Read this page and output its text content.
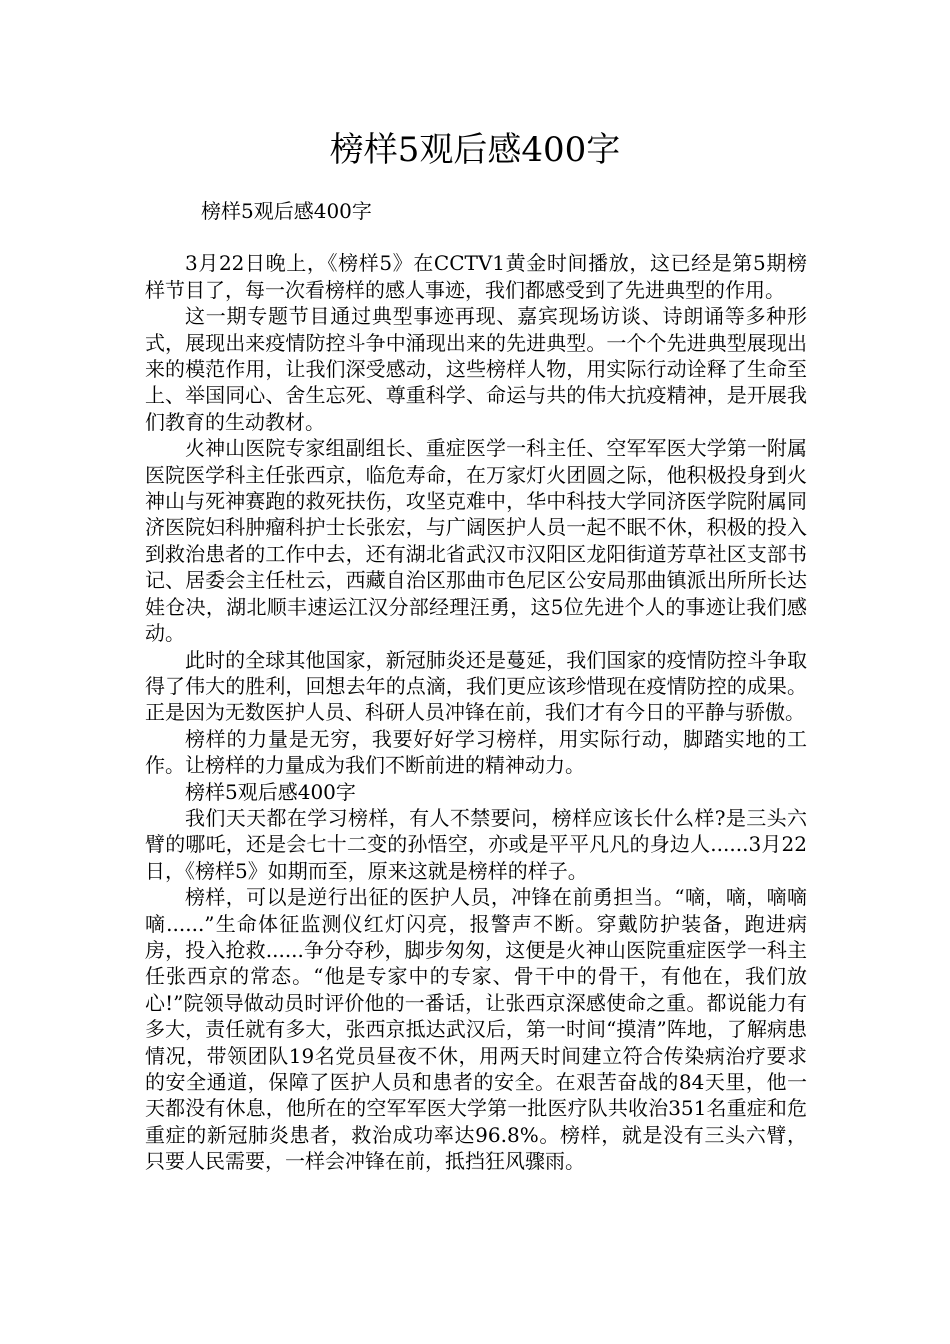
榜样5观后感400字

榜样5观后感400字

3月22日晚上，《榜样5》在CCTV1黄金时间播放，这已经是第5期榜样节目了，每一次看榜样的感人事迹，我们都感受到了先进典型的作用。

这一期专题节目通过典型事迹再现、嘉宾现场访谈、诗朗诵等多种形式，展现出来疫情防控斗争中涌现出来的先进典型。一个个先进典型展现出来的模范作用，让我们深受感动，这些榜样人物，用实际行动诠释了生命至上、举国同心、舍生忘死、尊重科学、命运与共的伟大抗疫精神，是开展我们教育的生动教材。

火神山医院专家组副组长、重症医学一科主任、空军军医大学第一附属医院医学科主任张西京，临危寿命，在万家灯火团圆之际，他积极投身到火神山与死神赛跑的救死扶伤，攻坚克难中，华中科技大学同济医学院附属同济医院妇科肿瘤科护士长张宏，与广阔医护人员一起不眠不休，积极的投入到救治患者的工作中去，还有湖北省武汉市汉阳区龙阳街道芳草社区支部书记、居委会主任杜云，西藏自治区那曲市色尼区公安局那曲镇派出所所长达娃仓决，湖北顺丰速运江汉分部经理汪勇，这5位先进个人的事迹让我们感动。

此时的全球其他国家，新冠肺炎还是蔓延，我们国家的疫情防控斗争取得了伟大的胜利，回想去年的点滴，我们更应该珍惜现在疫情防控的成果。正是因为无数医护人员、科研人员冲锋在前，我们才有今日的平静与骄傲。

榜样的力量是无穷，我要好好学习榜样，用实际行动，脚踏实地的工作。让榜样的力量成为我们不断前进的精神动力。

榜样5观后感400字

我们天天都在学习榜样，有人不禁要问，榜样应该长什么样?是三头六臂的哪吒，还是会七十二变的孙悟空，亦或是平平凡凡的身边人......3月22日，《榜样5》如期而至，原来这就是榜样的样子。

榜样，可以是逆行出征的医护人员，冲锋在前勇担当。“嘀，嘀，嘀嘀嘀......”生命体征监测仪红灯闪亮，报警声不断。穿戴防护装备，跑进病房，投入抢救......争分夺秒，脚步匆匆，这便是火神山医院重症医学一科主任张西京的常态。“他是专家中的专家、骨干中的骨干，有他在，我们放心!”院领导做动员时评价他的一番话，让张西京深感使命之重。都说能力有多大，责任就有多大，张西京抵达武汉后，第一时间“摸清”阵地，了解病患情况，带领团队19名党员昼夜不休，用两天时间建立符合传染病治疗要求的安全通道，保障了医护人员和患者的安全。在艰苦奋战的84天里，他一天都没有休息，他所在的空军军医大学第一批医疗队共收治351名重症和危重症的新冠肺炎患者，救治成功率达96.8%。榜样，就是没有三头六臂，只要人民需要，一样会冲锋在前，抵挡狂风骤雨。
